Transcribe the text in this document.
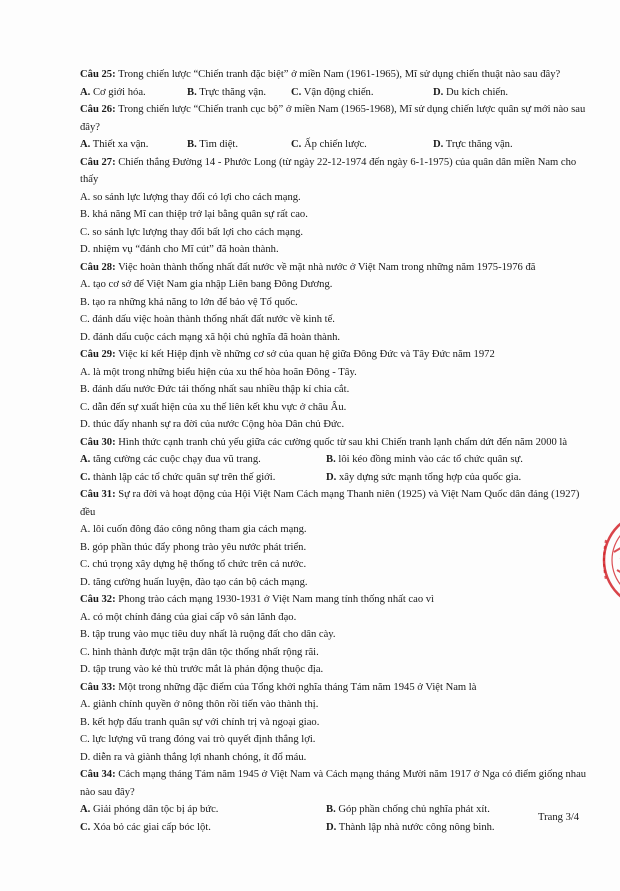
Câu 25: Trong chiến lược “Chiến tranh đặc biệt” ở miền Nam (1961-1965), Mĩ sử dụng chiến thuật nào sau đây?
A. Cơ giới hóa.	B. Trực thăng vận.	C. Vận động chiến.	D. Du kích chiến.
Câu 26: Trong chiến lược “Chiến tranh cục bộ” ở miền Nam (1965-1968), Mĩ sử dụng chiến lược quân sự mới nào sau đây?
A. Thiết xa vận.	B. Tìm diệt.	C. Ấp chiến lược.	D. Trực thăng vận.
Câu 27: Chiến thắng Đường 14 - Phước Long (từ ngày 22-12-1974 đến ngày 6-1-1975) của quân dân miền Nam cho thấy
A. so sánh lực lượng thay đổi có lợi cho cách mạng.
B. khả năng Mĩ can thiệp trở lại bằng quân sự rất cao.
C. so sánh lực lượng thay đổi bất lợi cho cách mạng.
D. nhiệm vụ “đánh cho Mĩ cút” đã hoàn thành.
Câu 28: Việc hoàn thành thống nhất đất nước về mặt nhà nước ở Việt Nam trong những năm 1975-1976 đã
A. tạo cơ sở để Việt Nam gia nhập Liên bang Đông Dương.
B. tạo ra những khả năng to lớn để bảo vệ Tổ quốc.
C. đánh dấu việc hoàn thành thống nhất đất nước về kinh tế.
D. đánh dấu cuộc cách mạng xã hội chủ nghĩa đã hoàn thành.
Câu 29: Việc kí kết Hiệp định về những cơ sở của quan hệ giữa Đông Đức và Tây Đức năm 1972
A. là một trong những biểu hiện của xu thế hòa hoãn Đông - Tây.
B. đánh dấu nước Đức tái thống nhất sau nhiều thập kỉ chia cắt.
C. dẫn đến sự xuất hiện của xu thế liên kết khu vực ở châu Âu.
D. thúc đẩy nhanh sự ra đời của nước Cộng hòa Dân chủ Đức.
Câu 30: Hình thức cạnh tranh chủ yếu giữa các cường quốc từ sau khi Chiến tranh lạnh chấm dứt đến năm 2000 là
A. tăng cường các cuộc chạy đua vũ trang.	B. lôi kéo đồng minh vào các tổ chức quân sự.
C. thành lập các tổ chức quân sự trên thế giới.	D. xây dựng sức mạnh tổng hợp của quốc gia.
Câu 31: Sự ra đời và hoạt động của Hội Việt Nam Cách mạng Thanh niên (1925) và Việt Nam Quốc dân đảng (1927) đều
A. lôi cuốn đông đảo công nông tham gia cách mạng.
B. góp phần thúc đẩy phong trào yêu nước phát triển.
C. chú trọng xây dựng hệ thống tổ chức trên cả nước.
D. tăng cường huấn luyện, đào tạo cán bộ cách mạng.
Câu 32: Phong trào cách mạng 1930-1931 ở Việt Nam mang tính thống nhất cao vì
A. có một chính đảng của giai cấp vô sản lãnh đạo.
B. tập trung vào mục tiêu duy nhất là ruộng đất cho dân cày.
C. hình thành được mặt trận dân tộc thống nhất rộng rãi.
D. tập trung vào kẻ thù trước mắt là phản động thuộc địa.
Câu 33: Một trong những đặc điểm của Tổng khởi nghĩa tháng Tám năm 1945 ở Việt Nam là
A. giành chính quyền ở nông thôn rồi tiến vào thành thị.
B. kết hợp đấu tranh quân sự với chính trị và ngoại giao.
C. lực lượng vũ trang đóng vai trò quyết định thắng lợi.
D. diễn ra và giành thắng lợi nhanh chóng, ít đổ máu.
Câu 34: Cách mạng tháng Tám năm 1945 ở Việt Nam và Cách mạng tháng Mười năm 1917 ở Nga có điểm giống nhau nào sau đây?
A. Giải phóng dân tộc bị áp bức.	B. Góp phần chống chủ nghĩa phát xít.
C. Xóa bỏ các giai cấp bóc lột.	D. Thành lập nhà nước công nông binh.
Trang 3/4
